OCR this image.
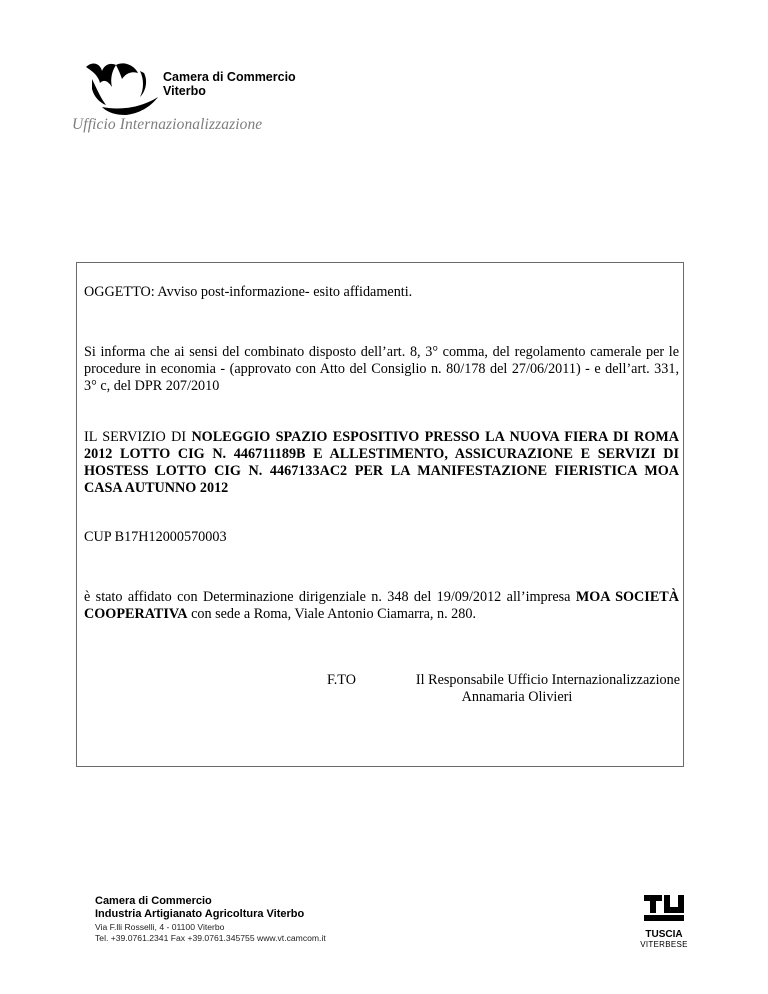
Camera di Commercio
Viterbo
Ufficio Internazionalizzazione
OGGETTO: Avviso post-informazione- esito affidamenti.
Si informa che ai sensi del combinato disposto dell’art. 8, 3° comma, del regolamento camerale per le procedure in economia - (approvato con Atto del Consiglio n. 80/178 del 27/06/2011) - e dell’art. 331, 3° c, del DPR 207/2010
IL SERVIZIO DI NOLEGGIO SPAZIO ESPOSITIVO PRESSO LA NUOVA FIERA DI ROMA 2012 LOTTO CIG N. 446711189B E ALLESTIMENTO, ASSICURAZIONE E SERVIZI DI HOSTESS LOTTO CIG N. 4467133AC2 PER LA MANIFESTAZIONE FIERISTICA MOA CASA AUTUNNO 2012
CUP B17H12000570003
è stato affidato con Determinazione dirigenziale n. 348 del 19/09/2012 all’impresa MOA SOCIETÀ COOPERATIVA con sede a Roma, Viale Antonio Ciamarra, n. 280.
F.TO	Il Responsabile Ufficio Internazionalizzazione
Annamaria Olivieri
Camera di Commercio
Industria Artigianato Agricoltura Viterbo
Via F.lli Rosselli, 4 - 01100 Viterbo
Tel. +39.0761.2341 Fax +39.0761.345755 www.vt.camcom.it	TUSCIA
VITERBESE
